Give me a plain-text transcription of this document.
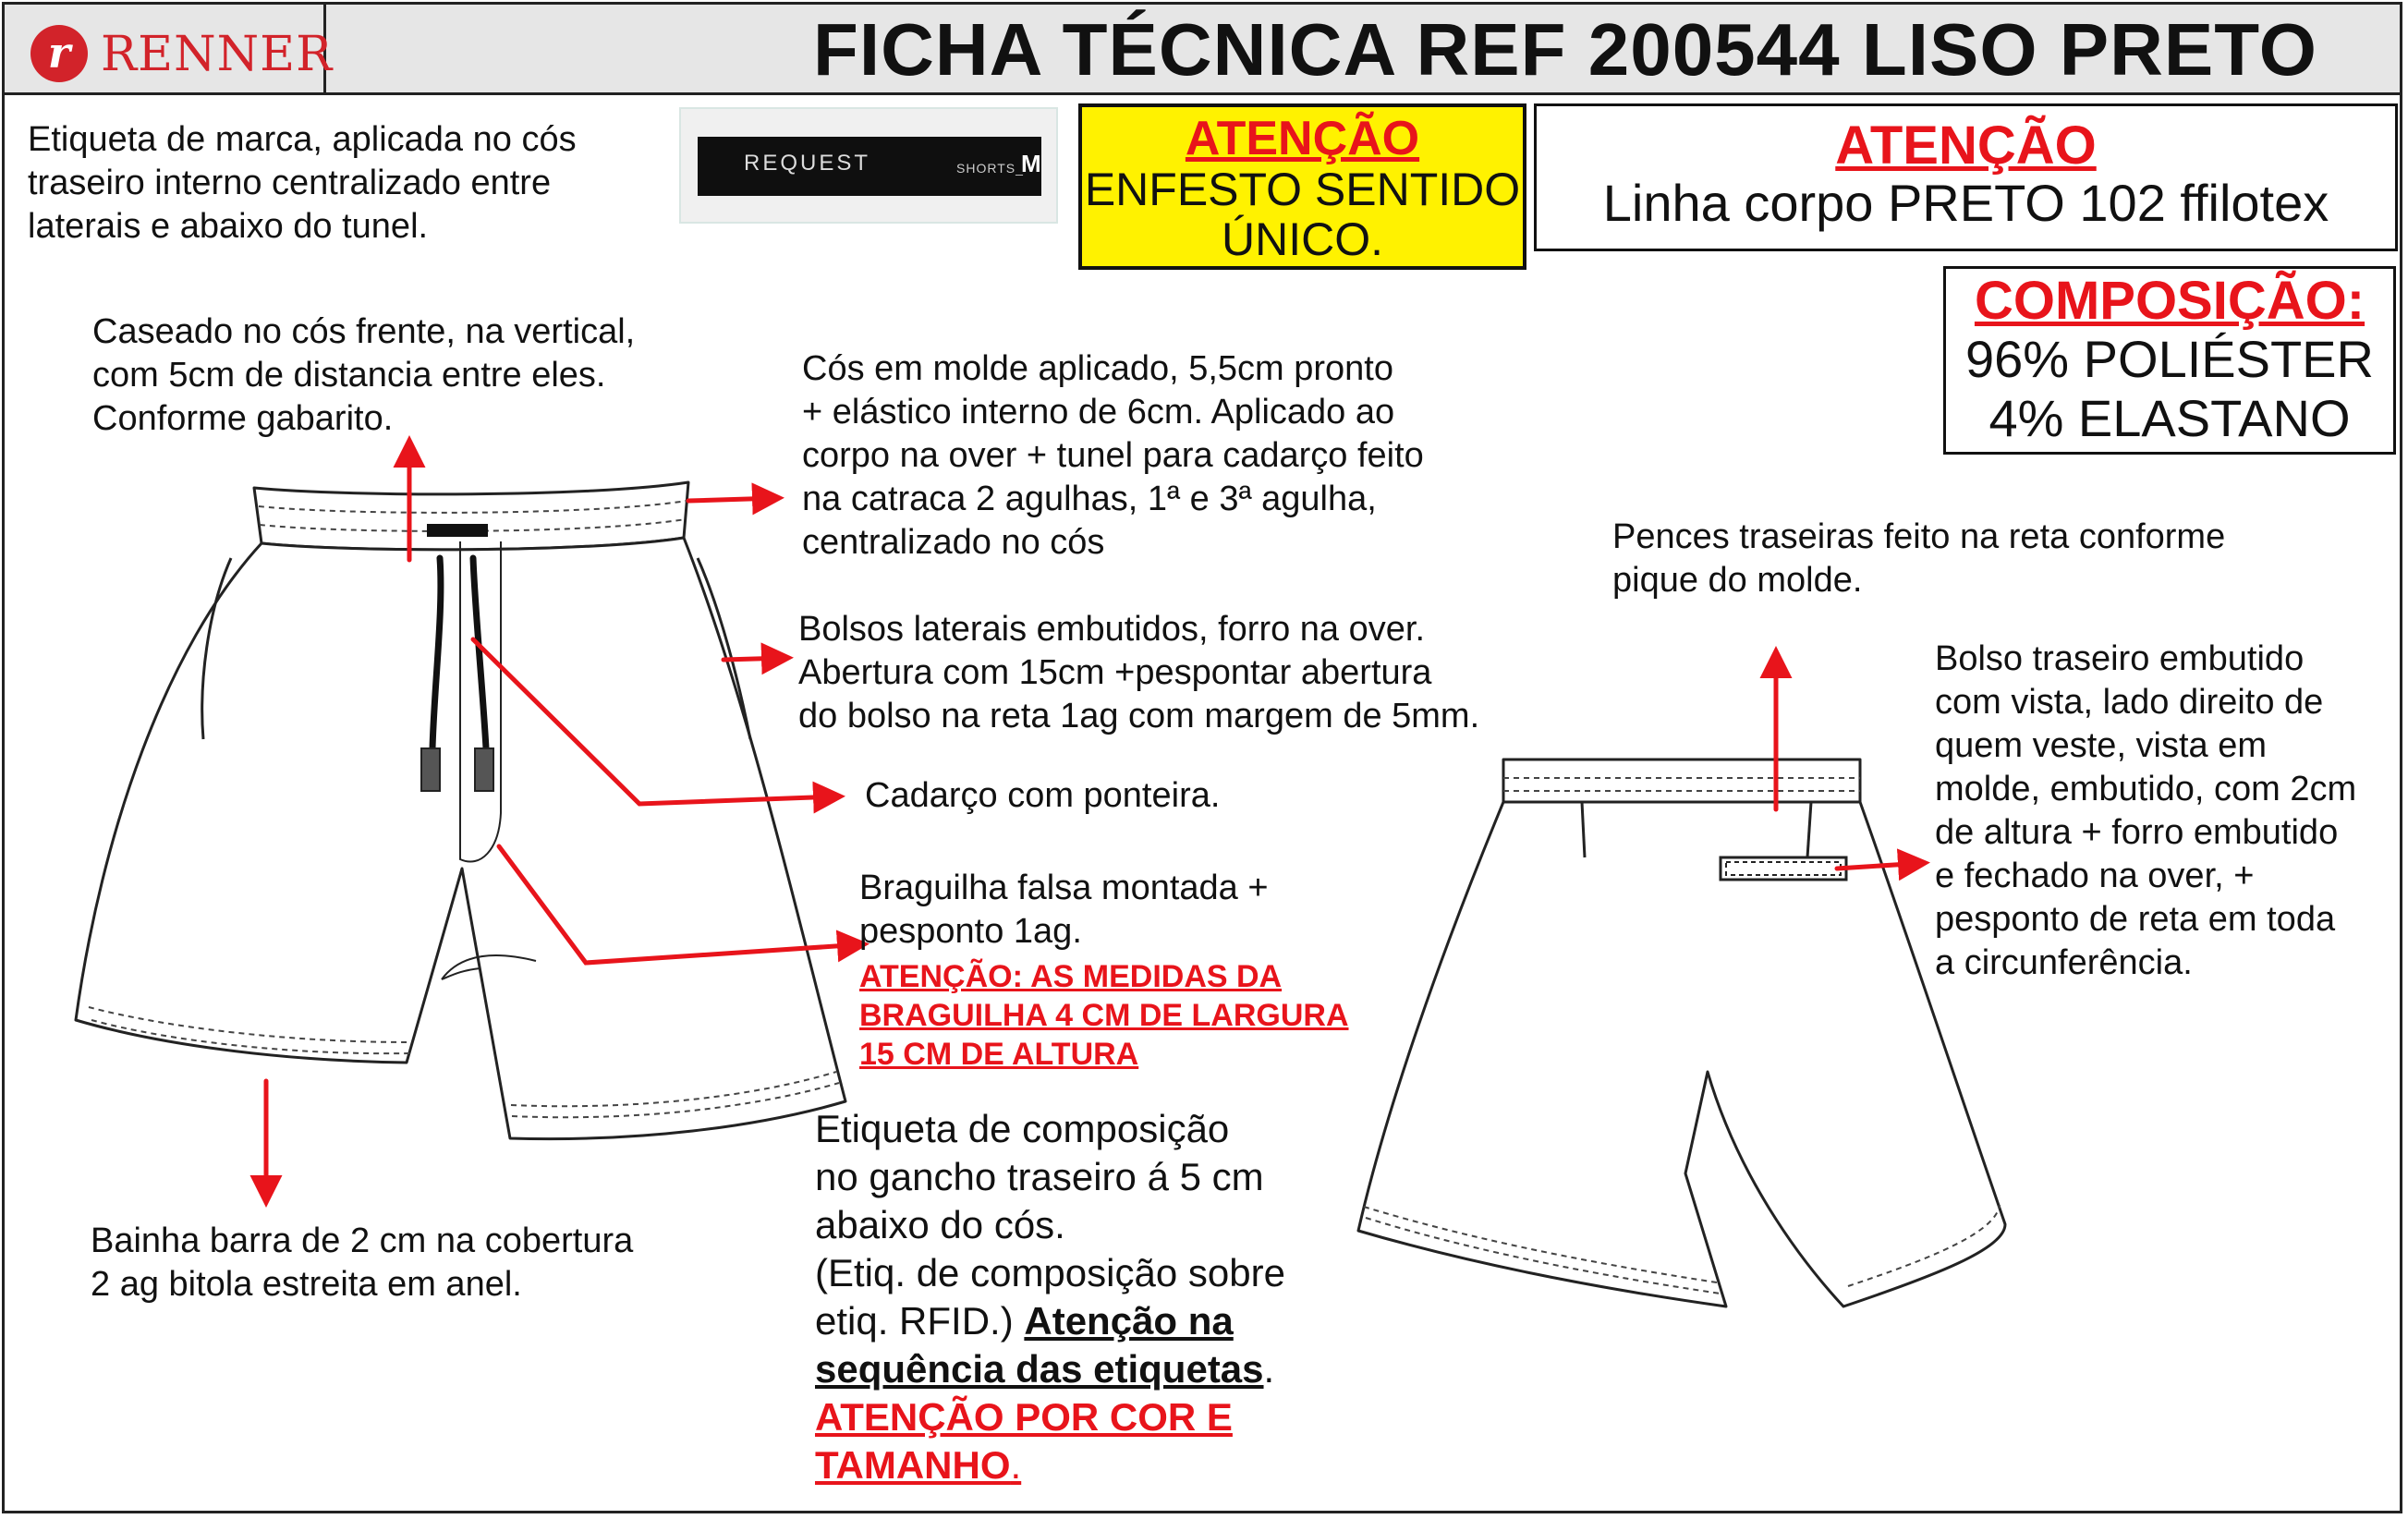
r RENNER	FICHA TÉCNICA REF 200544 LISO PRETO
Etiqueta de marca, aplicada no cós
traseiro interno centralizado entre
laterais e abaixo do tunel.
REQUEST	SHORTS_
M	ATENÇÃO
ENFESTO SENTIDO
ÚNICO.
ATENÇÃO
Linha corpo PRETO 102 ffilotex
COMPOSIÇÃO:
96% POLIÉSTER
4% ELASTANO
Caseado no cós frente, na vertical,
com 5cm de distancia entre eles.
Conforme gabarito.
Cós em molde aplicado, 5,5cm pronto
+ elástico interno de 6cm. Aplicado ao
corpo na over + tunel para cadarço feito
na catraca 2 agulhas, 1ª e 3ª agulha,
centralizado no cós
Bolsos laterais embutidos, forro na over.
Abertura com 15cm +pespontar abertura
do bolso na reta 1ag com margem de 5mm.
Cadarço com ponteira.
Braguilha falsa montada +
pesponto 1ag.
ATENÇÃO: AS MEDIDAS DA
BRAGUILHA 4 CM DE LARGURA
15 CM DE ALTURA
Bainha barra de 2 cm na cobertura
2 ag bitola estreita em anel.
Pences traseiras feito na reta conforme
pique do molde.
Bolso traseiro embutido
com vista, lado direito de
quem veste, vista em
molde, embutido, com 2cm
de altura + forro embutido
e fechado na over, +
pesponto de reta em toda
a circunferência.
Etiqueta de composição
no gancho traseiro á 5 cm
abaixo do cós.
(Etiq. de composição sobre
etiq. RFID.) Atenção na
sequência das etiquetas.
ATENÇÃO POR COR E
TAMANHO.
